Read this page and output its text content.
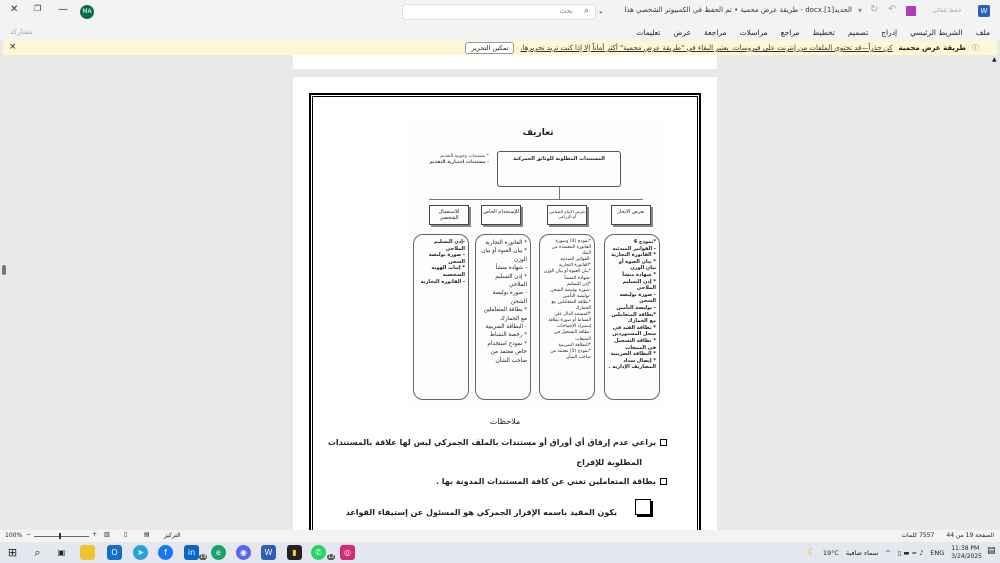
✕ ❐ —	MA	⌕
بحث	⌄	الجديد[1].docx - طريقة عرض محمية • تم الحفظ في الكمبيوتر الشخصي هذا ▾ ↻ ↶	حفظ تلقائي	W
مشاركة	ملف
الشريط الرئيسي
إدراج
تصميم
تخطيط
مراجع
مراسلات
مراجعة
عرض
تعليمات
×	ⓘ
طريقة عرض محمية
كن حذراً—قد تحتوي الملفات من إنترنت على فيروسات. يعتبر البقاء في "طريقة عرض محمية" أكثر أماناً إلا إذا كنت تريد تحريرها.
تمكين التحرير
▲
تعاريف
* مستندات وجوبية التقديم
- مستندات اختيارية التقديم
المستندات المطلوبة للوثائق الجمركية
بغرض الاتجار
بغرض الإنتاج الصناعي أو الزراعي
للإستخدام الخاص
للاستعمال الشخصي
*نموذج 4
- الفواتير المبدئية
* الفاتورة التجارية
* بيان العبوة أو بيان الوزن
* شهادة منشأ
* إذن التسليم الملاحي
- صورة بوليصة الشحن
- بوليصة التأمين
*بطاقة المتعاملين مع الجمارك
* بطاقة القيد في سجل المستوردين
* بطاقة التسجيل في المبيعات
* البطاقة الضريبية
* إيصال سداد المصاريف الإدارية .
*نموذج (4) وصورة الفاتورة المعتمدة من البنك
-الفواتير المبدئية
*الفاتورة التجارية
*بيان العبوة أو بيان الوزن
-شهادة المنشأ
*إذن التسليم
-صورة بوليصة الشحن
-بوليصة التأمين
*بطاقة المتعاملين مع الجمارك
*المستند الدال على النشاط أو صورة بطاقة إستيراد الإحتياجات
-بطاقة التسجيل في المبيعات
*البطاقة الضريبية
*نموذج (5) معتمد من صاحب الشأن
* الفاتورة التجارية
* بيان العبوة أو بيان الوزن
- شهادة منشأ
* إذن التسليم الملاحي
- صورة بوليصة الشحن
* بطاقة المتعاملين مع الجمارك
- البطاقة الضريبية
* رخصة النشاط
* نموذج استخدام خاص معتمد من صاحب الشأن.
-إذن التسليم الملاحي
- صورة بوليصة الشحن
* إثبات الهوية الشخصية
- الفاتورة التجارية
ملاحظات
يراعي عدم إرفاق أي أوراق أو مستندات بالملف الجمركي ليس لها علاقة بالمستندات
المطلوبة للإفراج
بطاقة المتعاملين تغني عن كافة المستندات المدونة بها .
يكون المقيد باسمه الإقرار الجمركي هو المسئول عن إستيفاء القواعد
100% −	+ ▥ ▯	▤ التركيز	الصفحة 19 من 44
7557 كلمات
⊞	⌕	▣	O	➤	f	in 19	e	◉	W	▮	✆	12	◎	☾ 19°C سماء صافية ^ ▯ ▬ ≈ ♪ ENG
11:38 PM
3/24/2025 ▤
